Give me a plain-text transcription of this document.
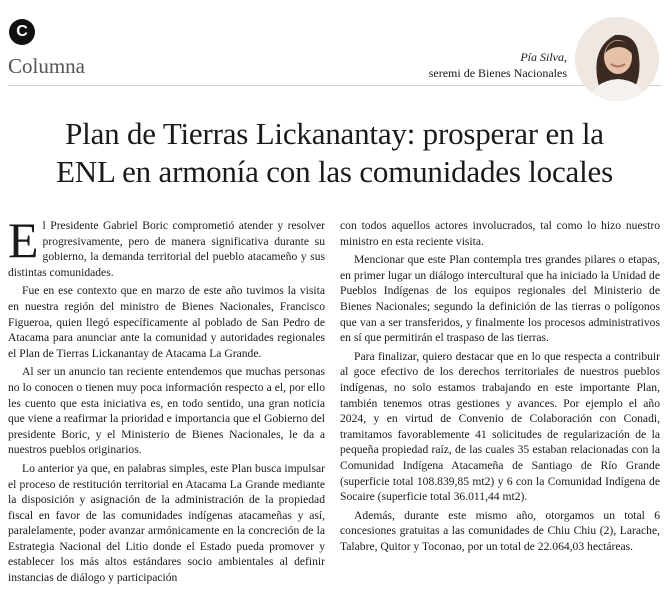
C
Columna	Pía Silva,
seremi de Bienes Nacionales
Plan de Tierras Lickanantay: prosperar en la
ENL en armonía con las comunidades locales

El Presidente Gabriel Boric comprometió atender y resolver progresivamente, pero de manera significativa durante su gobierno, la demanda territorial del pueblo atacameño y sus distintas comunidades.

Fue en ese contexto que en marzo de este año tuvimos la visita en nuestra región del ministro de Bienes Nacionales, Francisco Figueroa, quien llegó específicamente al poblado de San Pedro de Atacama para anunciar ante la comunidad y autoridades regionales el Plan de Tierras Lickanantay de Atacama La Grande.

Al ser un anuncio tan reciente entendemos que muchas personas no lo conocen o tienen muy poca información respecto a el, por ello les cuento que esta iniciativa es, en todo sentido, una gran noticia que viene a reafirmar la prioridad e importancia que el Gobierno del presidente Boric, y el Ministerio de Bienes Nacionales, le da a nuestros pueblos originarios.

Lo anterior ya que, en palabras simples, este Plan busca impulsar el proceso de restitución territorial en Atacama La Grande mediante la disposición y asignación de la administración de la propiedad fiscal en favor de las comunidades indígenas atacameñas y así, paralelamente, poder avanzar armónicamente en la concreción de la Estrategia Nacional del Litio donde el Estado pueda promover y establecer los más altos estándares socio ambientales al definir instancias de diálogo y participación

con todos aquellos actores involucrados, tal como lo hizo nuestro ministro en esta reciente visita.

Mencionar que este Plan contempla tres grandes pilares o etapas, en primer lugar un diálogo intercultural que ha iniciado la Unidad de Pueblos Indígenas de los equipos regionales del Ministerio de Bienes Nacionales; segundo la definición de las tierras o polígonos que van a ser transferidos, y finalmente los procesos administrativos en sí que permitirán el traspaso de las tierras.

Para finalizar, quiero destacar que en lo que respecta a contribuir al goce efectivo de los derechos territoriales de nuestros pueblos indígenas, no solo estamos trabajando en este importante Plan, también tenemos otras gestiones y avances. Por ejemplo el año 2024, y en virtud de Convenio de Colaboración con Conadi, tramitamos favorablemente 41 solicitudes de regularización de la pequeña propiedad raíz, de las cuales 35 estaban relacionadas con la Comunidad Indígena Atacameña de Santiago de Río Grande (superficie total 108.839,85 mt2) y 6 con la Comunidad Indígena de Socaire (superficie total 36.011,44 mt2).

Además, durante este mismo año, otorgamos un total 6 concesiones gratuitas a las comunidades de Chiu Chiu (2), Larache, Talabre, Quitor y Toconao, por un total de 22.064,03 hectáreas.
